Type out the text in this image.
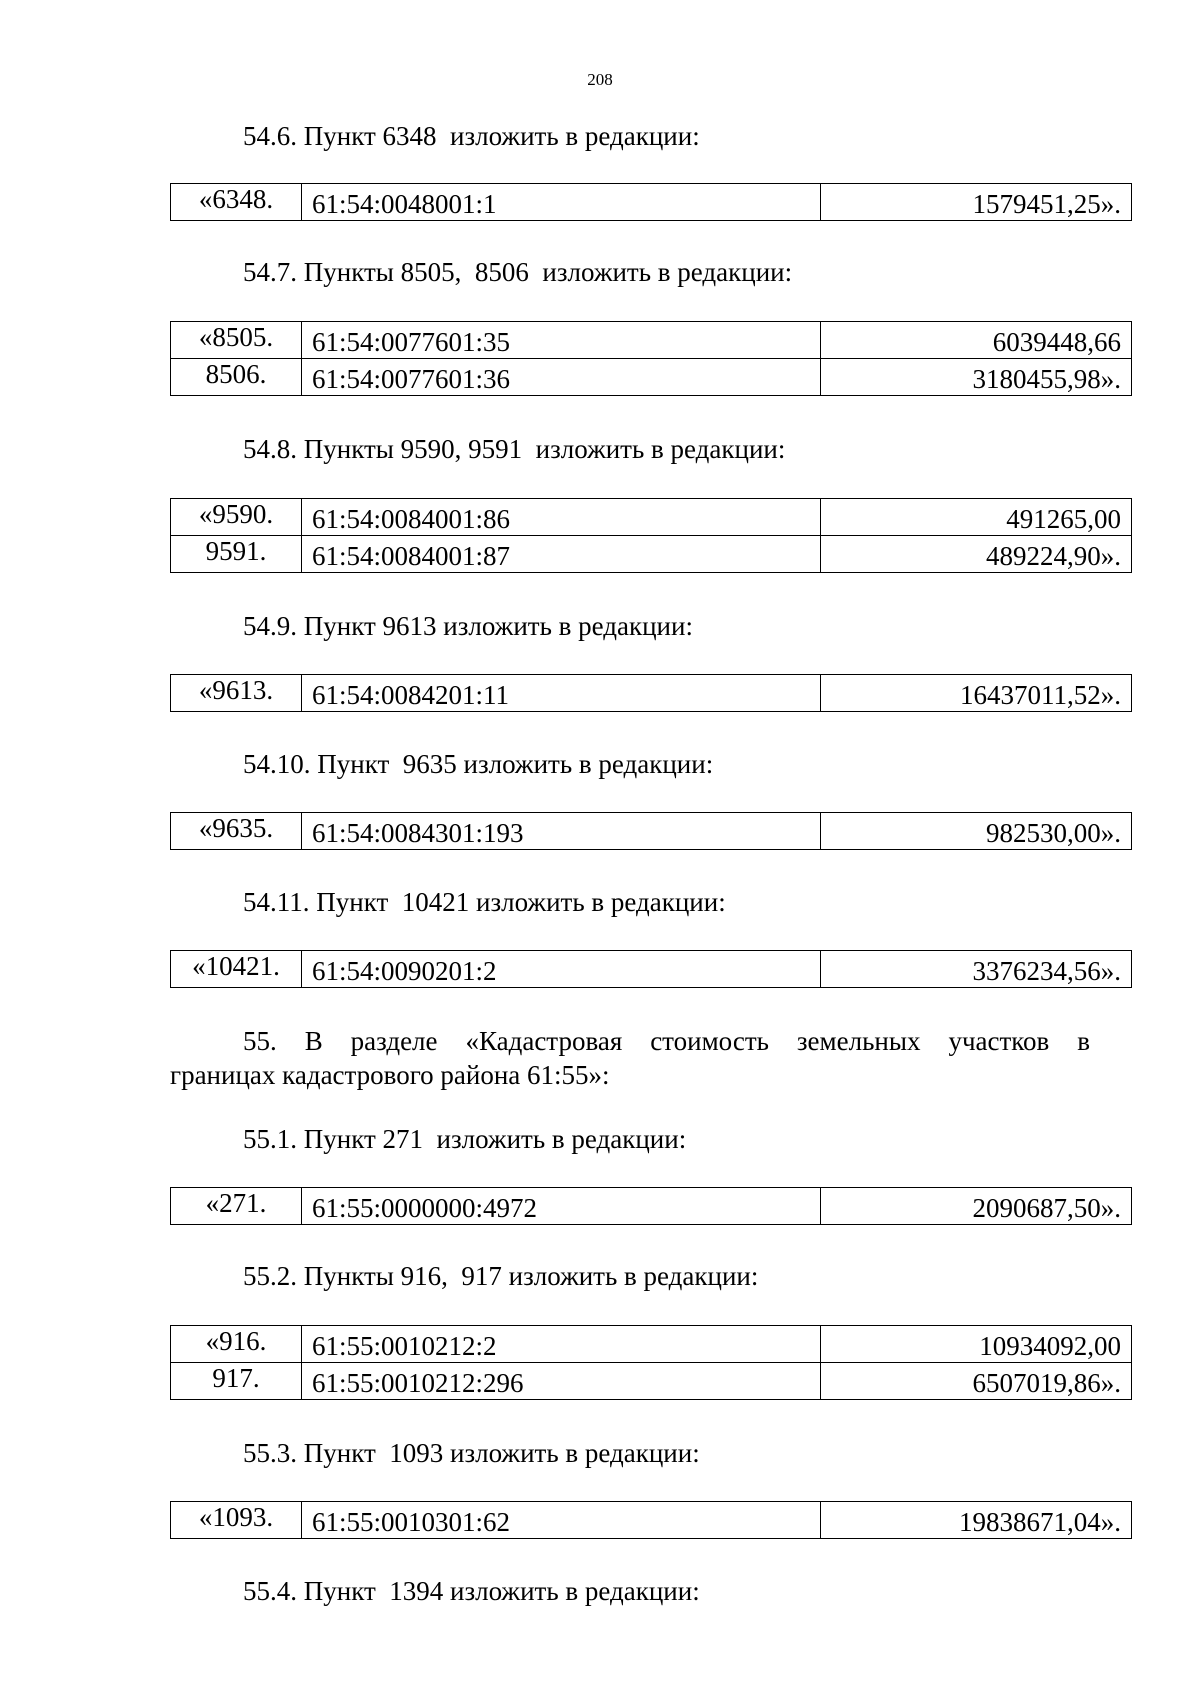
208
54.6. Пункт 6348  изложить в редакции:
«6348.	61:54:0048001:1	1579451,25».
54.7. Пункты 8505,  8506  изложить в редакции:
«8505.	61:54:0077601:35	6039448,66
8506.	61:54:0077601:36	3180455,98».
54.8. Пункты 9590, 9591  изложить в редакции:
«9590.	61:54:0084001:86	491265,00
9591.	61:54:0084001:87	489224,90».
54.9. Пункт 9613 изложить в редакции:
«9613.	61:54:0084201:11	16437011,52».
54.10. Пункт  9635 изложить в редакции:
«9635.	61:54:0084301:193	982530,00».
54.11. Пункт  10421 изложить в редакции:
«10421.	61:54:0090201:2	3376234,56».
55. В разделе «Кадастровая стоимость земельных участков в
границах кадастрового района 61:55»:
55.1. Пункт 271  изложить в редакции:
«271.	61:55:0000000:4972	2090687,50».
55.2. Пункты 916,  917 изложить в редакции:
«916.	61:55:0010212:2	10934092,00
917.	61:55:0010212:296	6507019,86».
55.3. Пункт  1093 изложить в редакции:
«1093.	61:55:0010301:62	19838671,04».
55.4. Пункт  1394 изложить в редакции:
